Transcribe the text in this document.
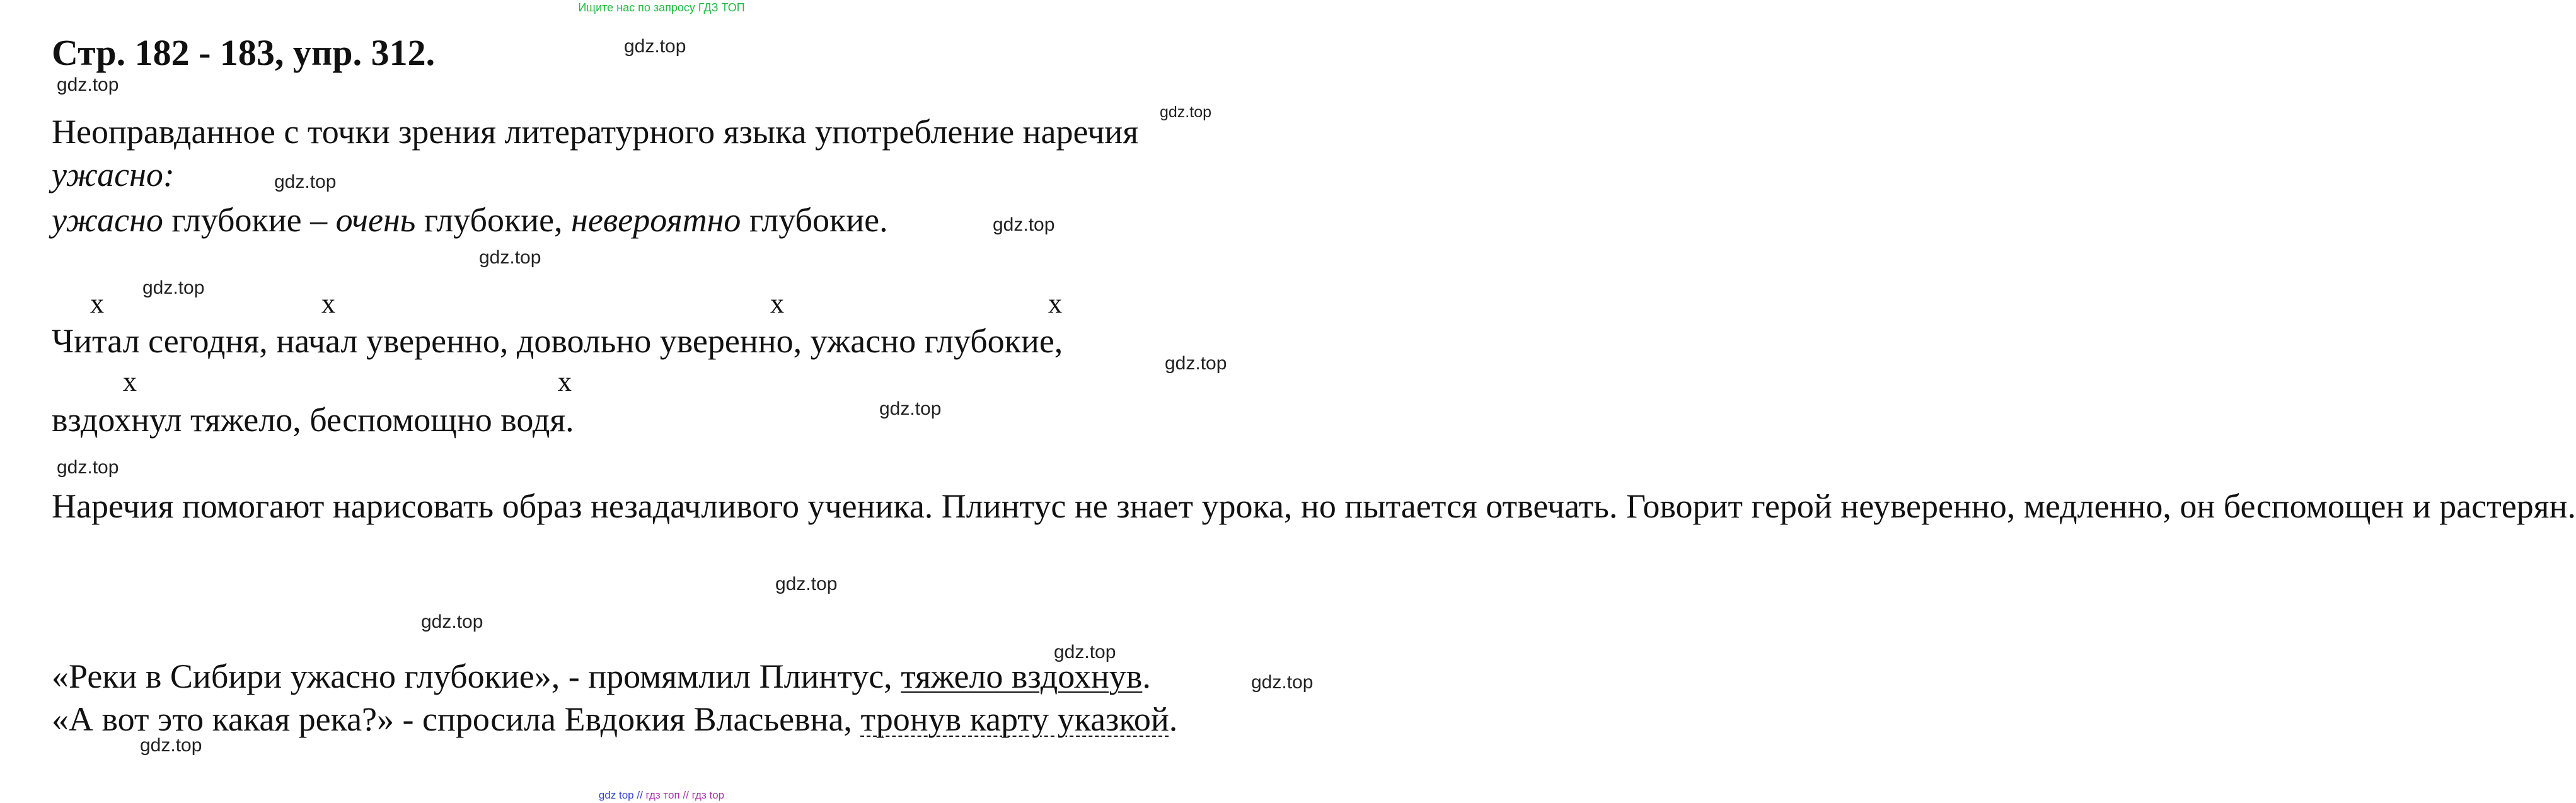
Ищите нас по запросу ГДЗ ТОП
Стр. 182 - 183, упр. 312.
Неоправданное с точки зрения литературного языка употребление наречия
ужасно:
ужасно глубокие – очень глубокие, невероятно глубокие.
x	x	x	x
Читал сегодня, начал уверенно, довольно уверенно, ужасно глубокие,
x	x
вздохнул тяжело, беспомощно водя.
Наречия помогают нарисовать образ незадачливого ученика. Плинтус не знает урока, но пытается отвечать. Говорит герой неуверенно, медленно, он беспомощен и растерян.
«Реки в Сибири ужасно глубокие», - промямлил Плинтус, тяжело вздохнув.
«А вот это какая река?» - спросила Евдокия Власьевна, тронув карту указкой.
gdz.top
gdz.top
gdz.top
gdz.top
gdz.top
gdz.top
gdz.top
gdz.top
gdz.top
gdz.top
gdz.top
gdz.top
gdz.top
gdz.top
gdz.top
gdz top // гдз топ // гдз top
